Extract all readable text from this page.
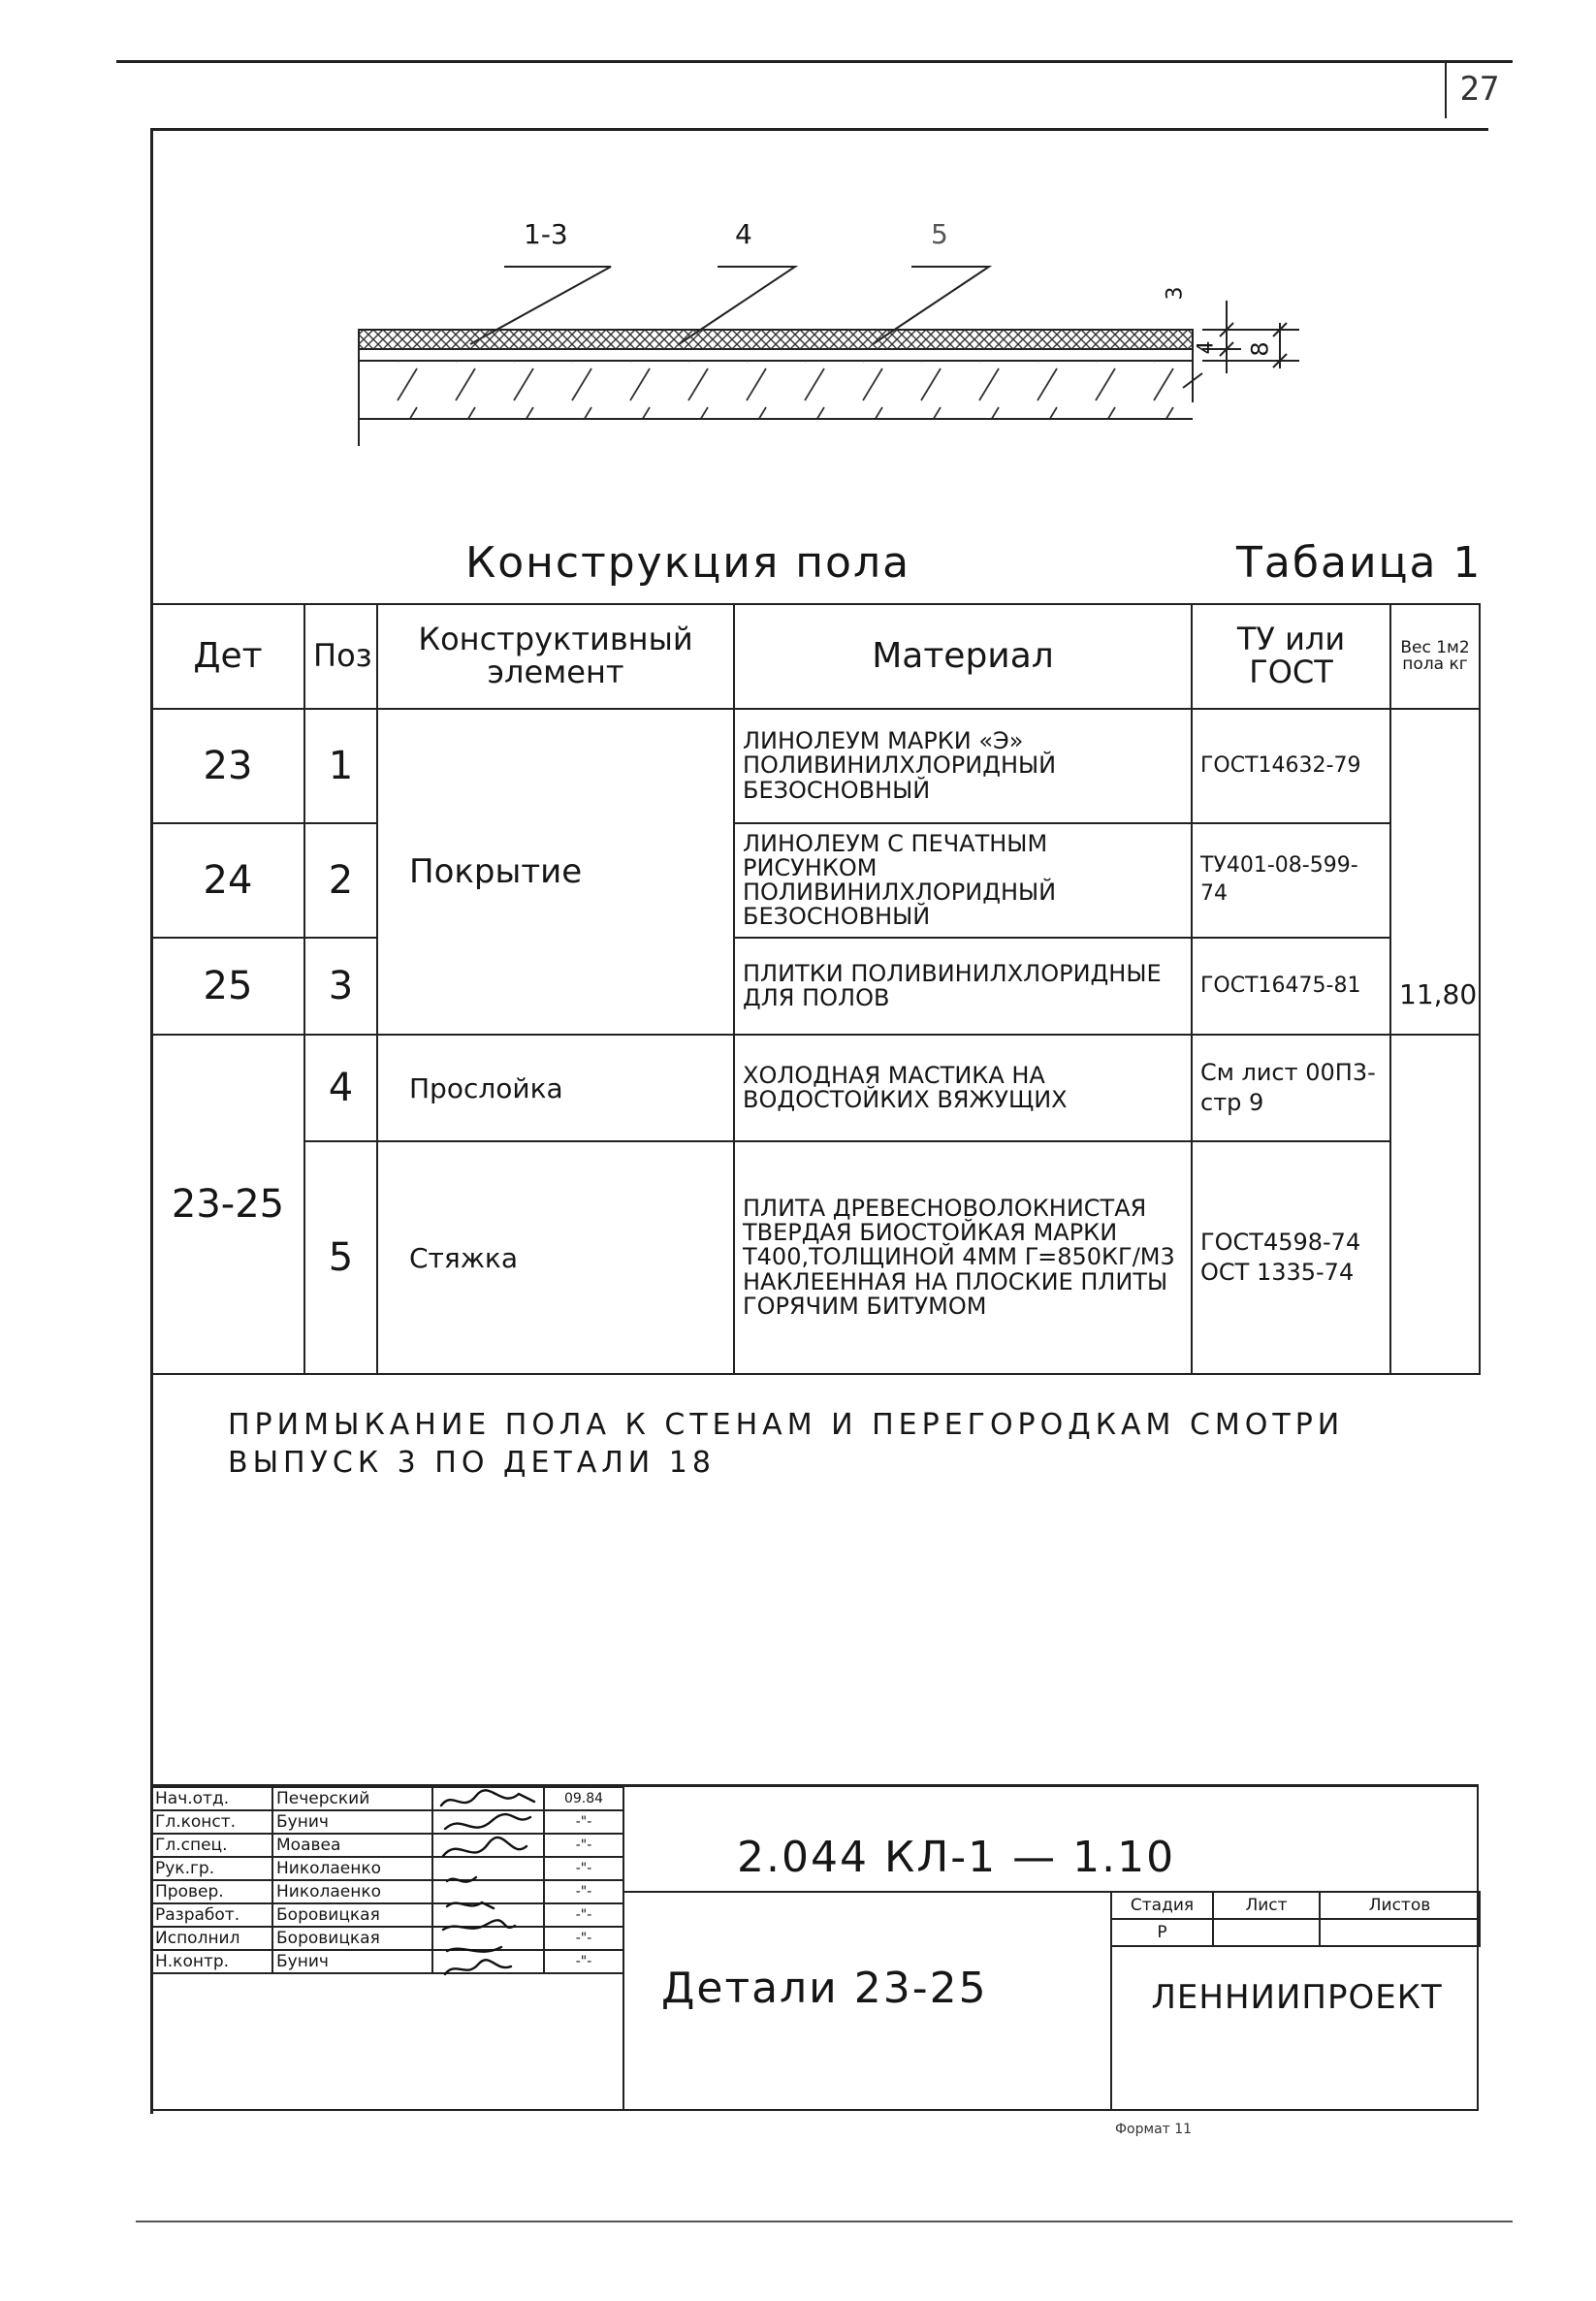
27
1-3	4	5
3
4 8
Конструкция пола	Табаица 1
Дет	Поз	Конструктивный элемент	Материал	ТУ или ГОСТ	Вес 1м2 пола кг
23	1	Покрытие	ЛИНОЛЕУМ МАРКИ «Э» ПОЛИВИНИЛХЛОРИДНЫЙ БЕЗОСНОВНЫЙ	ГОСТ14632-79	11,80
24	2		ЛИНОЛЕУМ С ПЕЧАТНЫМ РИСУНКОМ ПОЛИВИНИЛХЛОРИДНЫЙ БЕЗОСНОВНЫЙ	ТУ401-08-599-74	
25	3		ПЛИТКИ ПОЛИВИНИЛХЛОРИДНЫЕ ДЛЯ ПОЛОВ	ГОСТ16475-81	
23-25	4	Прослойка	ХОЛОДНАЯ МАСТИКА НА ВОДОСТОЙКИХ ВЯЖУЩИХ	См лист 00П3-стр 9	
	5	Стяжка	ПЛИТА ДРЕВЕСНОВОЛОКНИСТАЯ ТВЕРДАЯ БИОСТОЙКАЯ МАРКИ Т400,ТОЛЩИНОЙ 4ММ Γ=850КГ/М3 НАКЛЕЕННАЯ НА ПЛОСКИЕ ПЛИТЫ ГОРЯЧИМ БИТУМОМ	ГОСТ4598-74 ОСТ 1335-74	
ПРИМЫКАНИЕ ПОЛА К СТЕНАМ И ПЕРЕГОРОДКАМ СМОТРИ
ВЫПУСК 3 ПО ДЕТАЛИ 18
Нач.отд.	Печерский		09.84
Гл.конст.	Бунич		-"-
Гл.спец.	Моавеа		-"-
Рук.гр.	Николаенко		-"-
Провер.	Николаенко		-"-
Разработ.	Боровицкая		-"-
Исполнил	Боровицкая		-"-
Н.контр.	Бунич		-"-
2.044 КЛ-1 — 1.10
Детали 23-25
Стадия	Лист	Листов
Р		
ЛЕННИИПРОЕКТ
Формат 11
